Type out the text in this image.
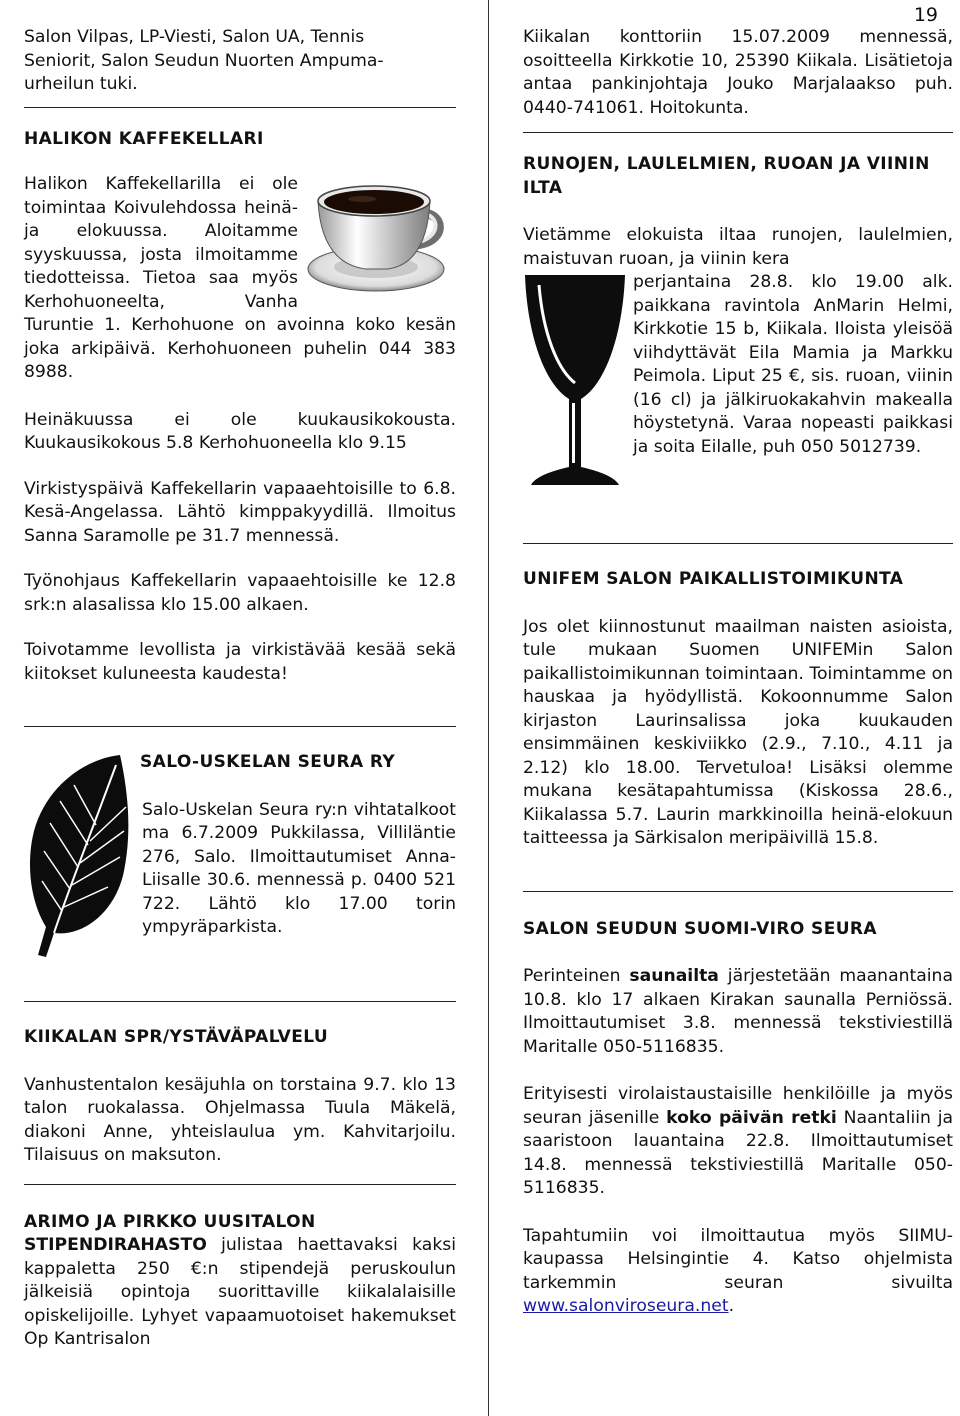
19

Salon Vilpas, LP-Viesti, Salon UA, Tennis

Seniorit, Salon Seudun Nuorten Ampuma-

urheilun tuki.

HALIKON KAFFEKELLARI

Halikon Kaffekellarilla ei ole toimintaa Koivulehdossa heinä- ja elokuussa. Aloitamme syyskuussa, josta ilmoitamme tiedotteissa. Tietoa saa myös Kerhohuoneelta, Vanha Turuntie 1. Kerhohuone on avoinna koko kesän joka arkipäivä. Kerhohuoneen puhelin 044 383 8988.

Heinäkuussa ei ole kuukausikokousta. Kuukausikokous 5.8 Kerhohuoneella klo 9.15

Virkistyspäivä Kaffekellarin vapaaehtoisille to 6.8. Kesä-Angelassa. Lähtö kimppakyydillä. Ilmoitus Sanna Saramolle pe 31.7 mennessä.

Työnohjaus Kaffekellarin vapaaehtoisille ke 12.8 srk:n alasalissa klo 15.00 alkaen.

Toivotamme levollista ja virkistävää kesää sekä kiitokset kuluneesta kaudesta!

SALO-USKELAN SEURA RY

Salo-Uskelan Seura ry:n vihtatalkoot ma 6.7.2009 Pukkilassa, Villiläntie 276, Salo. Ilmoittautumiset Anna-Liisalle 30.6. mennessä p. 0400 521 722. Lähtö klo 17.00 torin ympyräparkista.

KIIKALAN SPR/YSTÄVÄPALVELU

Vanhustentalon kesäjuhla on torstaina 9.7. klo 13 talon ruokalassa. Ohjelmassa Tuula Mäkelä, diakoni Anne, yhteislaulua ym. Kahvitarjoilu. Tilaisuus on maksuton.

ARIMO JA PIRKKO UUSITALON

STIPENDIRAHASTO julistaa haettavaksi kaksi kappaletta 250 €:n stipendejä peruskoulun jälkeisiä opintoja suorittaville kiikalalaisille opiskelijoille. Lyhyet vapaamuotoiset hakemukset Op Kantrisalon

Kiikalan konttoriin 15.07.2009 mennessä, osoitteella Kirkkotie 10, 25390 Kiikala. Lisätietoja antaa pankinjohtaja Jouko Marjalaakso puh. 0440-741061. Hoitokunta.

RUNOJEN, LAULELMIEN, RUOAN JA VIININ ILTA

Vietämme elokuista iltaa runojen, laulelmien, maistuvan ruoan, ja viinin kera

perjantaina 28.8. klo 19.00 alk. paikkana ravintola AnMarin Helmi, Kirkkotie 15 b, Kiikala. Iloista yleisöä viihdyttävät Eila Mamia ja Markku Peimola. Liput 25 €, sis. ruoan, viinin (16 cl) ja jälkiruokakahvin makealla höystetynä. Varaa nopeasti paikkasi ja soita Eilalle, puh 050 5012739.

UNIFEM SALON PAIKALLISTOIMIKUNTA

Jos olet kiinnostunut maailman naisten asioista, tule mukaan Suomen UNIFEMin Salon paikallistoimikunnan toimintaan. Toimintamme on hauskaa ja hyödyllistä. Kokoonnumme Salon kirjaston Laurinsalissa joka kuukauden ensimmäinen keskiviikko (2.9., 7.10., 4.11 ja 2.12) klo 18.00. Tervetuloa! Lisäksi olemme mukana kesätapahtumissa (Kiskossa 28.6., Kiikalassa 5.7. Laurin markkinoilla heinä-elokuun taitteessa ja Särkisalon meripäivillä 15.8.

SALON SEUDUN SUOMI-VIRO SEURA

Perinteinen saunailta järjestetään maanantaina 10.8. klo 17 alkaen Kirakan saunalla Perniössä. Ilmoittautumiset 3.8. mennessä tekstiviestillä Maritalle 050-5116835.

Erityisesti virolaistaustaisille henkilöille ja myös seuran jäsenille koko päivän retki Naantaliin ja saaristoon lauantaina 22.8. Ilmoittautumiset 14.8. mennessä tekstiviestillä Maritalle 050-5116835.

Tapahtumiin voi ilmoittautua myös SIIMU-kaupassa Helsingintie 4. Katso ohjelmista tarkemmin seuran sivuilta www.salonviroseura.net.
